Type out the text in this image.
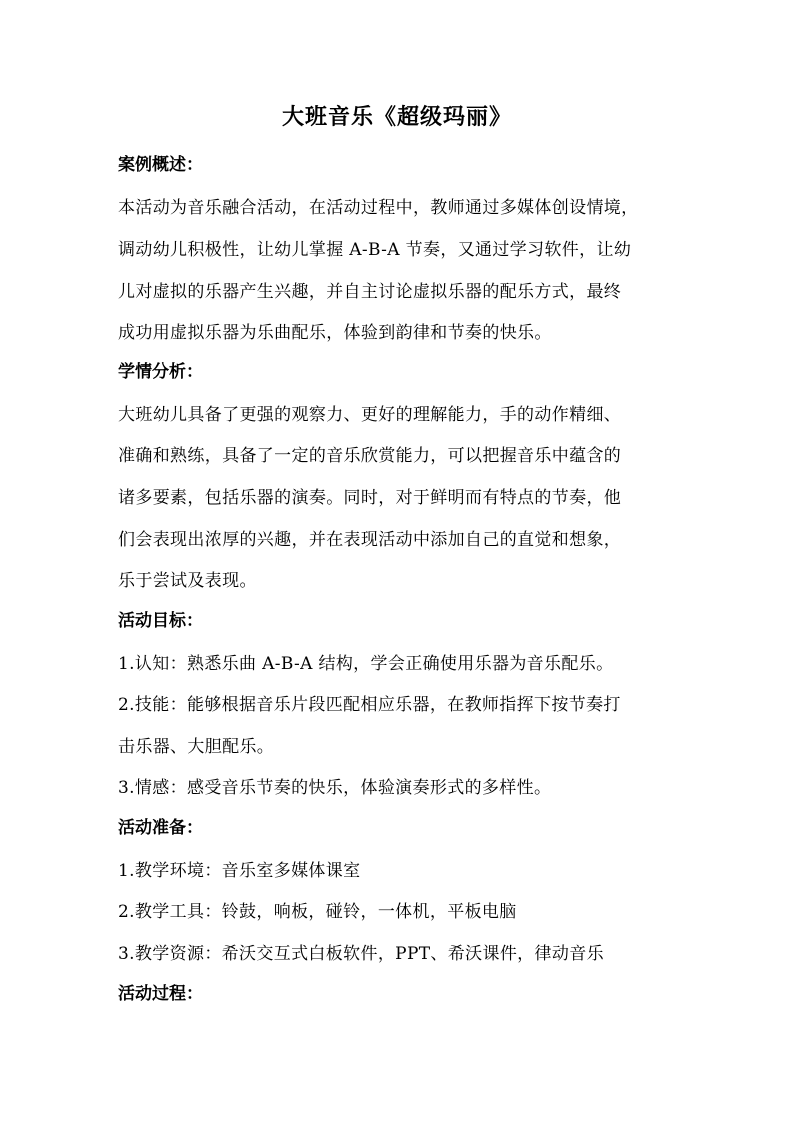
大班音乐《超级玛丽》
案例概述：
本活动为音乐融合活动，在活动过程中，教师通过多媒体创设情境，
调动幼儿积极性，让幼儿掌握 A-B-A 节奏，又通过学习软件，让幼
儿对虚拟的乐器产生兴趣，并自主讨论虚拟乐器的配乐方式，最终
成功用虚拟乐器为乐曲配乐，体验到韵律和节奏的快乐。
学情分析：
大班幼儿具备了更强的观察力、更好的理解能力，手的动作精细、
准确和熟练，具备了一定的音乐欣赏能力，可以把握音乐中蕴含的
诸多要素，包括乐器的演奏。同时，对于鲜明而有特点的节奏，他
们会表现出浓厚的兴趣，并在表现活动中添加自己的直觉和想象，
乐于尝试及表现。
活动目标：
1.认知：熟悉乐曲 A-B-A 结构，学会正确使用乐器为音乐配乐。
2.技能：能够根据音乐片段匹配相应乐器，在教师指挥下按节奏打
击乐器、大胆配乐。
3.情感：感受音乐节奏的快乐，体验演奏形式的多样性。
活动准备：
1.教学环境：音乐室多媒体课室
2.教学工具：铃鼓，响板，碰铃，一体机，平板电脑
3.教学资源：希沃交互式白板软件，PPT、希沃课件，律动音乐
活动过程：
